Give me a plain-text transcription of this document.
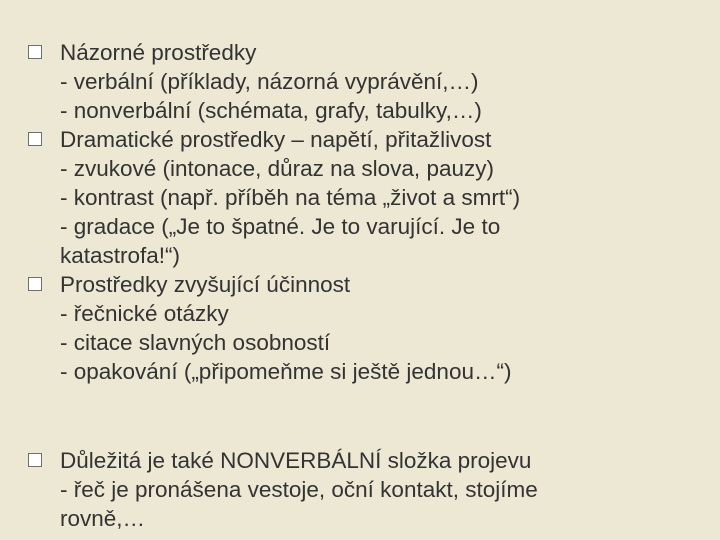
Názorné prostředky
- verbální (příklady, názorná vyprávění,…)
- nonverbální (schémata, grafy, tabulky,…)
Dramatické prostředky – napětí, přitažlivost
- zvukové (intonace, důraz na slova, pauzy)
- kontrast (např. příběh na téma „život a smrt“)
- gradace („Je to špatné. Je to varující. Je to
katastrofa!“)
Prostředky zvyšující účinnost
- řečnické otázky
- citace slavných osobností
- opakování („připomeňme si ještě jednou…“)
Důležitá je také NONVERBÁLNÍ složka projevu
- řeč je pronášena vestoje, oční kontakt, stojíme
rovně,…
